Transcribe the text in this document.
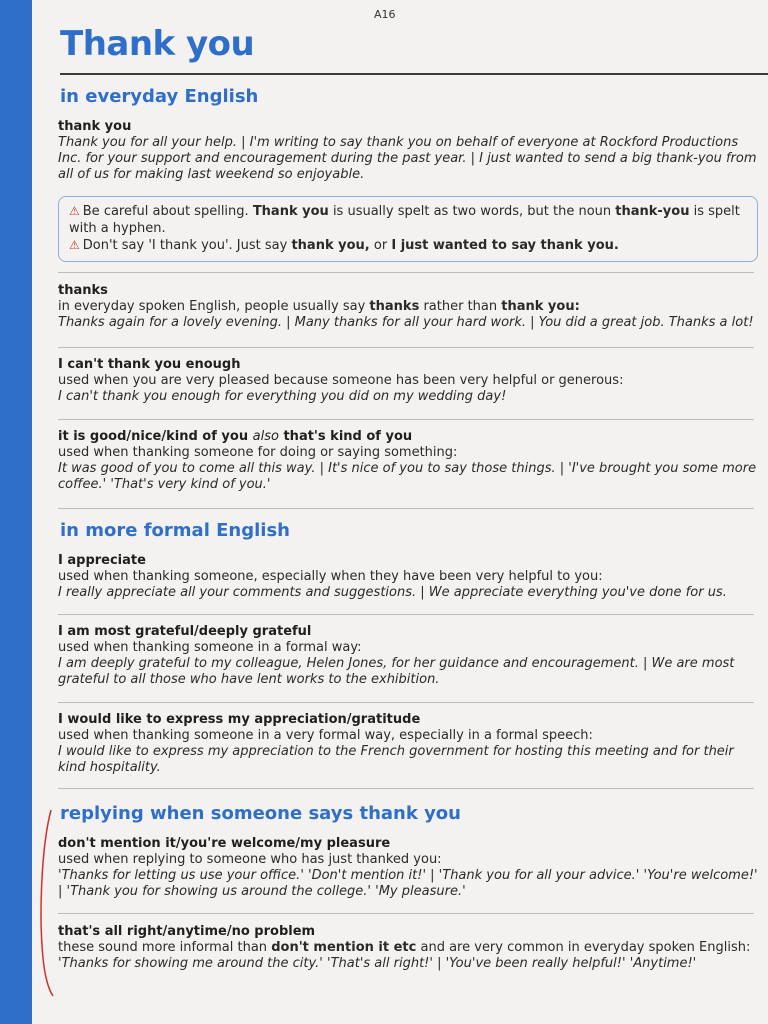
A16
Thank you
in everyday English
thank you
Thank you for all your help. | I'm writing to say thank you on behalf of everyone at Rockford Productions Inc. for your support and encouragement during the past year. | I just wanted to send a big thank-you from all of us for making last weekend so enjoyable.
⚠ Be careful about spelling. Thank you is usually spelt as two words, but the noun thank-you is spelt with a hyphen.
⚠ Don't say 'I thank you'. Just say thank you, or I just wanted to say thank you.
thanks
in everyday spoken English, people usually say thanks rather than thank you:
Thanks again for a lovely evening. | Many thanks for all your hard work. | You did a great job. Thanks a lot!
I can't thank you enough
used when you are very pleased because someone has been very helpful or generous:
I can't thank you enough for everything you did on my wedding day!
it is good/nice/kind of you also that's kind of you
used when thanking someone for doing or saying something:
It was good of you to come all this way. | It's nice of you to say those things. | 'I've brought you some more coffee.' 'That's very kind of you.'
in more formal English
I appreciate
used when thanking someone, especially when they have been very helpful to you:
I really appreciate all your comments and suggestions. | We appreciate everything you've done for us.
I am most grateful/deeply grateful
used when thanking someone in a formal way:
I am deeply grateful to my colleague, Helen Jones, for her guidance and encouragement. | We are most grateful to all those who have lent works to the exhibition.
I would like to express my appreciation/gratitude
used when thanking someone in a very formal way, especially in a formal speech:
I would like to express my appreciation to the French government for hosting this meeting and for their kind hospitality.
replying when someone says thank you
don't mention it/you're welcome/my pleasure
used when replying to someone who has just thanked you:
'Thanks for letting us use your office.' 'Don't mention it!' | 'Thank you for all your advice.' 'You're welcome!' | 'Thank you for showing us around the college.' 'My pleasure.'
that's all right/anytime/no problem
these sound more informal than don't mention it etc and are very common in everyday spoken English:
'Thanks for showing me around the city.' 'That's all right!' | 'You've been really helpful!' 'Anytime!'
